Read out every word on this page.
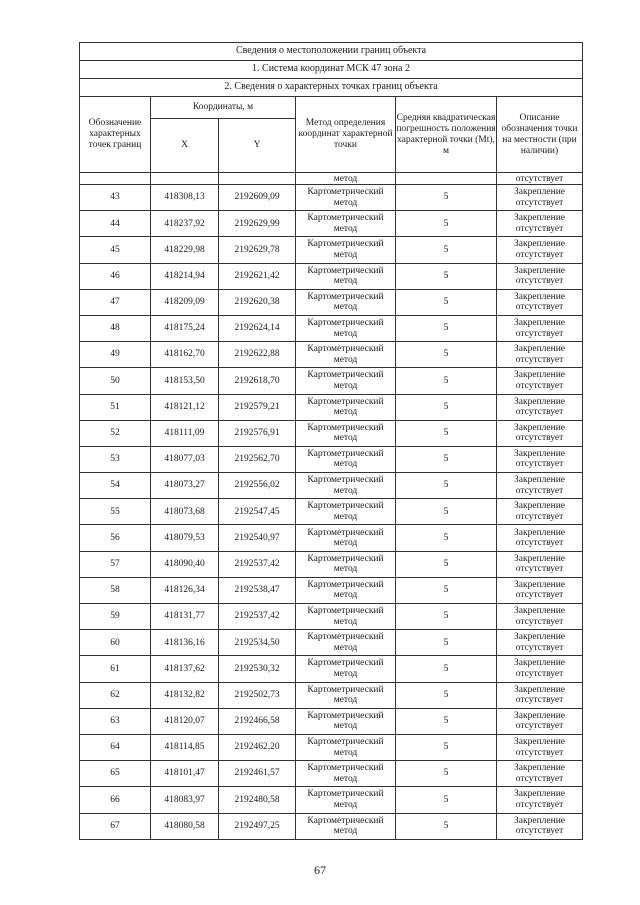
Сведения о местоположении границ объекта					
1. Система координат МСК 47 зона 2					
2. Сведения о характерных точках границ объекта					
Обозначение характерных точек границ	Координаты, м		Метод определения координат характерной точки	Средняя квадратическая погрешность положения характерной точки (Mt), м	Описание обозначения точки на местности (при наличии)
	X	Y			
			метод		отсутствует
43	418308,13	2192609,09	Картометрический метод	5	Закрепление отсутствует
44	418237,92	2192629,99	Картометрический метод	5	Закрепление отсутствует
45	418229,98	2192629,78	Картометрический метод	5	Закрепление отсутствует
46	418214,94	2192621,42	Картометрический метод	5	Закрепление отсутствует
47	418209,09	2192620,38	Картометрический метод	5	Закрепление отсутствует
48	418175,24	2192624,14	Картометрический метод	5	Закрепление отсутствует
49	418162,70	2192622,88	Картометрический метод	5	Закрепление отсутствует
50	418153,50	2192618,70	Картометрический метод	5	Закрепление отсутствует
51	418121,12	2192579,21	Картометрический метод	5	Закрепление отсутствует
52	418111,09	2192576,91	Картометрический метод	5	Закрепление отсутствует
53	418077,03	2192562,70	Картометрический метод	5	Закрепление отсутствует
54	418073,27	2192556,02	Картометрический метод	5	Закрепление отсутствует
55	418073,68	2192547,45	Картометрический метод	5	Закрепление отсутствует
56	418079,53	2192540,97	Картометрический метод	5	Закрепление отсутствует
57	418090,40	2192537,42	Картометрический метод	5	Закрепление отсутствует
58	418126,34	2192538,47	Картометрический метод	5	Закрепление отсутствует
59	418131,77	2192537,42	Картометрический метод	5	Закрепление отсутствует
60	418136,16	2192534,50	Картометрический метод	5	Закрепление отсутствует
61	418137,62	2192530,32	Картометрический метод	5	Закрепление отсутствует
62	418132,82	2192502,73	Картометрический метод	5	Закрепление отсутствует
63	418120,07	2192466,58	Картометрический метод	5	Закрепление отсутствует
64	418114,85	2192462,20	Картометрический метод	5	Закрепление отсутствует
65	418101,47	2192461,57	Картометрический метод	5	Закрепление отсутствует
66	418083,97	2192480,58	Картометрический метод	5	Закрепление отсутствует
67	418080,58	2192497,25	Картометрический метод	5	Закрепление отсутствует
67
